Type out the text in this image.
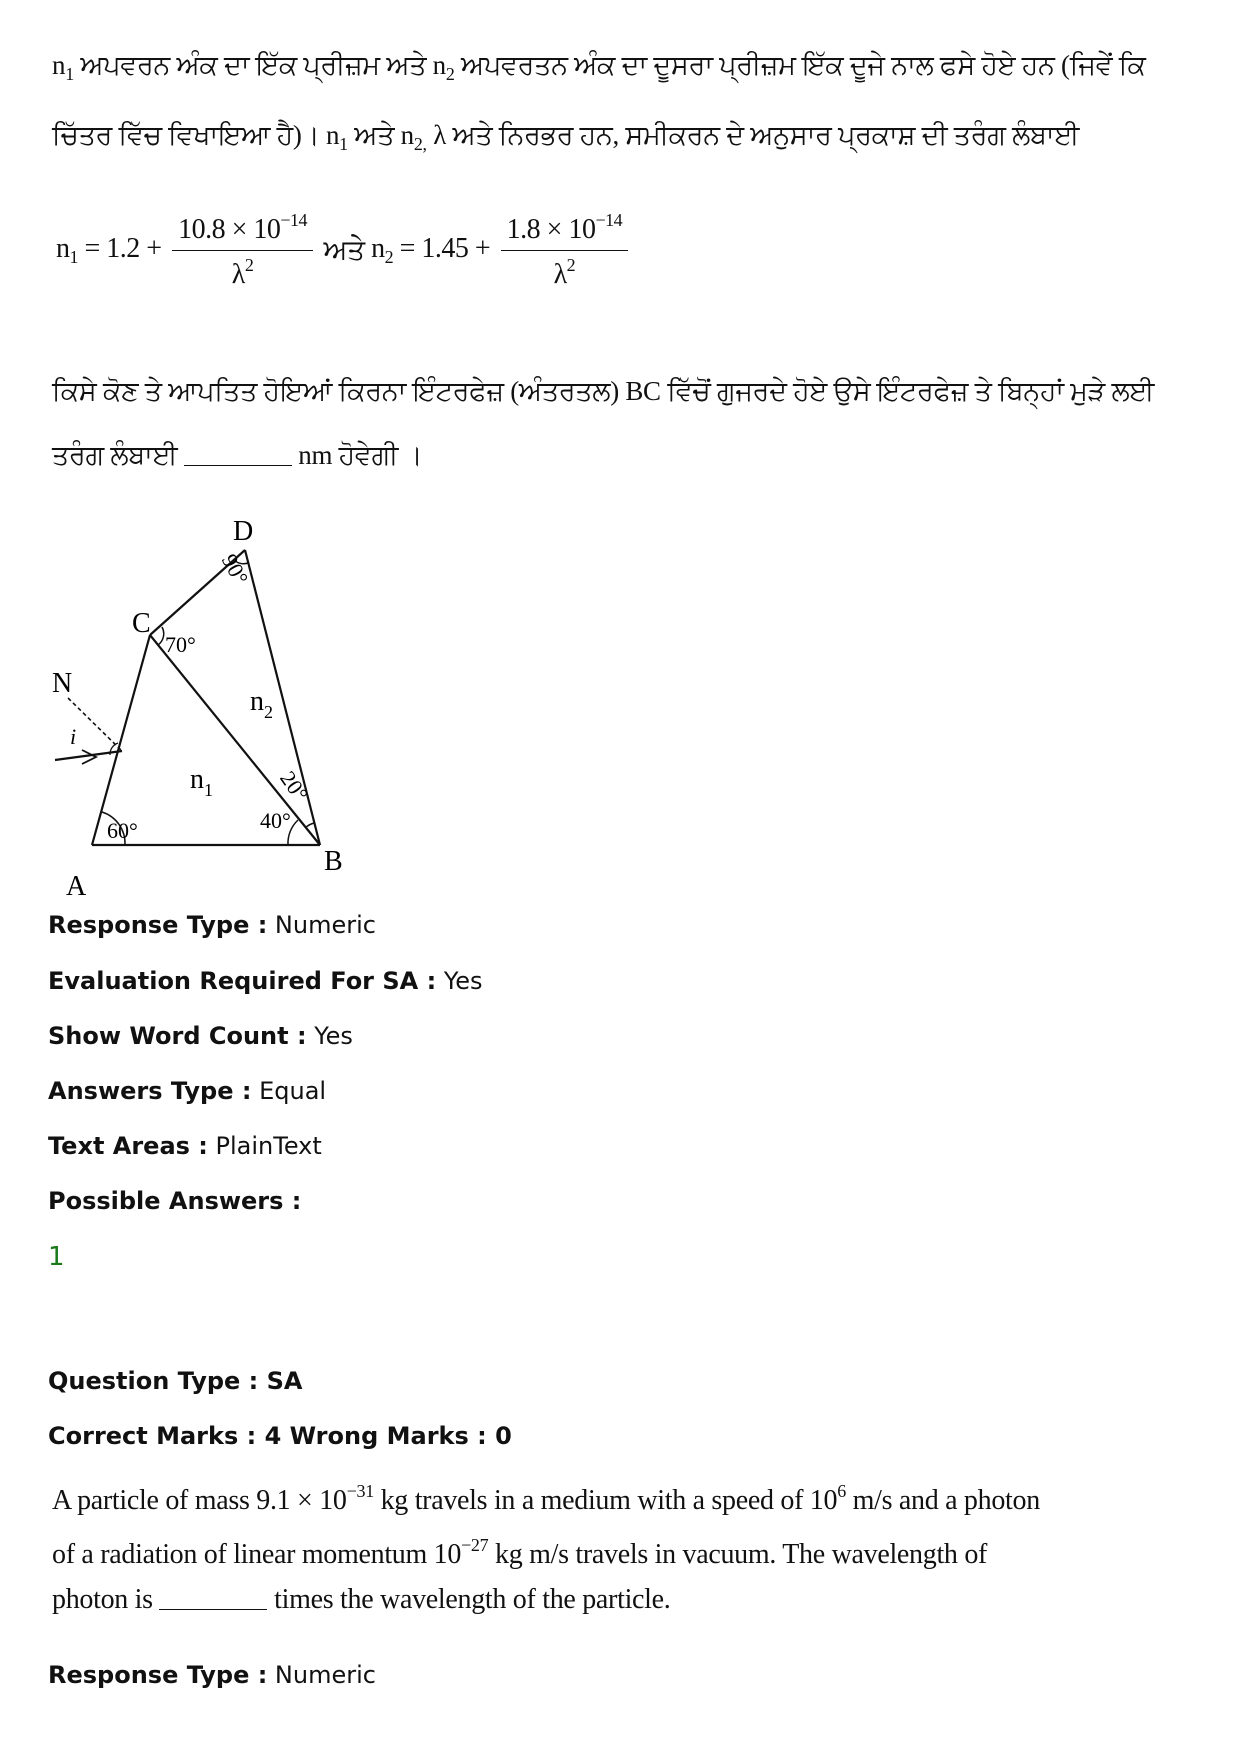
$n_1$ ਅਪਵਰਨ ਅੰਕ ਦਾ ਇੱਕ ਪ੍ਰੀਜ਼ਮ ਅਤੇ $n_2$ ਅਪਵਰਤਨ ਅੰਕ ਦਾ ਦੂਸਰਾ ਪ੍ਰੀਜ਼ਮ ਇੱਕ ਦੂਜੇ ਨਾਲ ਫਸੇ ਹੋਏ ਹਨ (ਜਿਵੇਂ ਕਿ
ਚਿੱਤਰ ਵਿੱਚ ਵਿਖਾਇਆ ਹੈ)। $n_1$ ਅਤੇ $n_{2,}$ λ ਅਤੇ ਨਿਰਭਰ ਹਨ, ਸਮੀਕਰਨ ਦੇ ਅਨੁਸਾਰ ਪ੍ਰਕਾਸ਼ ਦੀ ਤਰੰਗ ਲੰਬਾਈ
$n_1 = 1.2 + \frac{10.8 \times 10^{-14}}{\lambda^2}$ ਅਤੇ $n_2 = 1.45 + \frac{1.8 \times 10^{-14}}{\lambda^2}$
ਕਿਸੇ ਕੋਣ ਤੇ ਆਪਤਿਤ ਹੋਇਆਂ ਕਿਰਨਾ ਇੰਟਰਫੇਜ਼ (ਅੰਤਰਤਲ) BC ਵਿੱਚੋਂ ਗੁਜਰਦੇ ਹੋਏ ਉਸੇ ਇੰਟਰਫੇਜ਼ ਤੇ ਬਿਨ੍ਹਾਂ ਮੁੜੇ ਲਈ
ਤਰੰਗ ਲੰਬਾਈ	nm ਹੋਵੇਗੀ ।
A
B
C
D
N
i
60°	40°
70°
90°
20°
$n_1$
$n_2$
Response Type : Numeric
Evaluation Required For SA : Yes
Show Word Count : Yes
Answers Type : Equal
Text Areas : PlainText
Possible Answers :
1
Question Type : SA
Correct Marks : 4 Wrong Marks : 0
A particle of mass $9.1 \times 10^{-31}$ kg travels in a medium with a speed of $10^6$ m/s and a photon
of a radiation of linear momentum $10^{-27}$ kg m/s travels in vacuum. The wavelength of
photon is	times the wavelength of the particle.
Response Type : Numeric
